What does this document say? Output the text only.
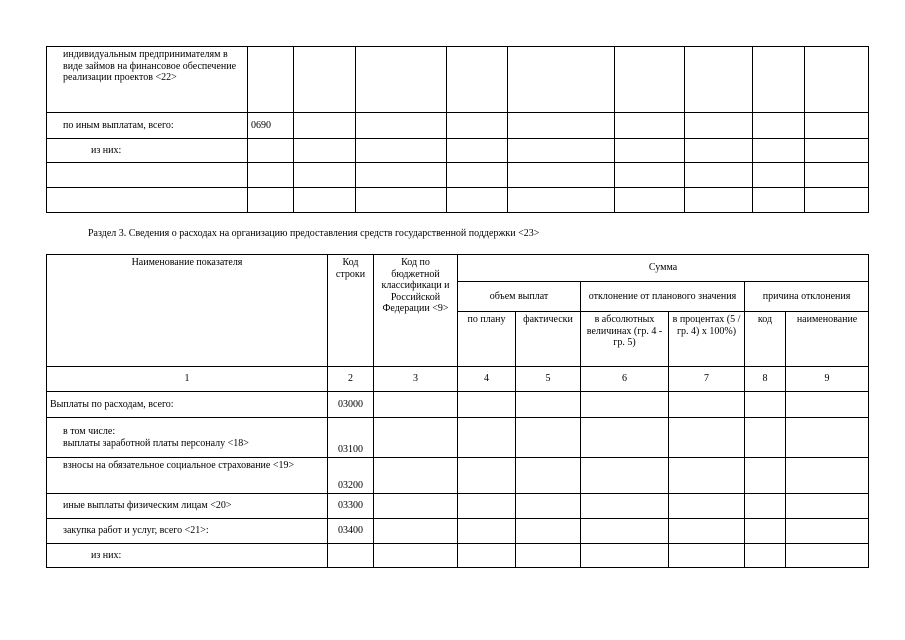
индивидуальным предпринимателям в виде займов на финансовое обеспечение реализации проектов <22>									
по иным выплатам, всего:	0690								
из них:									

Раздел 3. Сведения о расходах на организацию предоставления средств государственной поддержки <23>
Наименование показателя	Код строки	Код по бюджетной классификаци и Российской Федерации <9>	Сумма					
			объем выплат		отклонение от планового значения		причина отклонения	
			по плану	фактически	в абсолютных величинах (гр. 4 - гр. 5)	в процентах (5 / гр. 4) x 100%)	код	наименование
1	2	3	4	5	6	7	8	9
Выплаты по расходам, всего:	03000							

в том числе:
выплаты заработной платы персоналу <18>	03100							
взносы на обязательное социальное страхование <19>	03200							
иные выплаты физическим лицам <20>	03300							
закупка работ и услуг, всего <21>:	03400							
из них:								
